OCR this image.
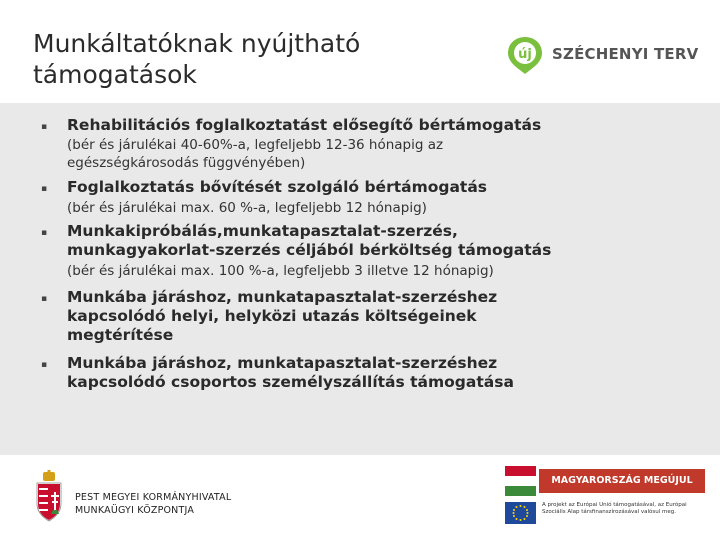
Munkáltatóknak nyújtható
támogatások
új SZÉCHENYI TERV
▪ Rehabilitációs foglalkoztatást elősegítő bértámogatás

(bér és járulékai 40-60%-a, legfeljebb 12-36 hónapig az

egészségkárosodás függvényében)

▪ Foglalkoztatás bővítését szolgáló bértámogatás

(bér és járulékai max. 60 %-a, legfeljebb 12 hónapig)

▪ Munkakipróbálás,munkatapasztalat-szerzés,

munkagyakorlat-szerzés céljából bérköltség támogatás

(bér és járulékai max. 100 %-a, legfeljebb 3 illetve 12 hónapig)

▪ Munkába járáshoz, munkatapasztalat-szerzéshez

kapcsolódó helyi, helyközi utazás költségeinek

megtérítése

▪ Munkába járáshoz, munkatapasztalat-szerzéshez

kapcsolódó csoportos személyszállítás támogatása

PEST MEGYEI KORMÁNYHIVATAL
MUNKAÜGYI KÖZPONTJA
MAGYARORSZÁG MEGÚJUL
A projekt az Európai Unió támogatásával, az Európai
Szociális Alap társfinanszírozásával valósul meg.
